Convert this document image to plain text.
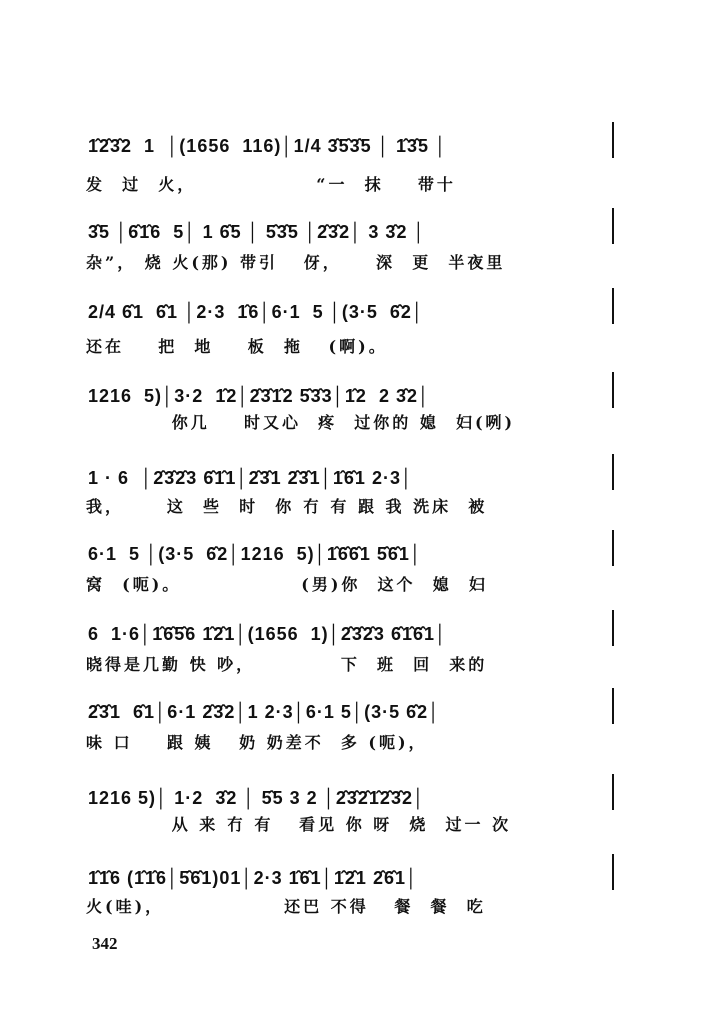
1̂2̂3̂2  1  │(1656  116)│1/4 3̂5̂3̂5 │ 1̂3̂5 │
发  过  火，              “一  抹    带十
3̂5 │6̂1̂6  5│ 1 6̂5 │ 5̂3̂5 │2̂3̂2│ 3 3̂2 │
杂”， 烧 火(那) 带引   伢，    深  更  半夜里
2/4 6̂1  6̂1 │2·3  1̂6│6·1  5 │(3·5  6̂2│
还在    把  地    板  拖   (啊)。
1216  5)│3·2  1̂2│2̂3̂1̂2 5̂3̂3│1̂2  2 3̂2│
你几    时又心  疼  过你的 媳  妇(咧)
1 · 6  │2̂3̂2̂3 6̂1̂1│2̂3̂1 2̂3̂1│1̂6̂1 2·3│
我，     这  些  时  你 冇 有 跟 我 洗床  被
6·1  5 │(3·5  6̂2│1216  5)│1̂6̂6̂1 5̂6̂1│
窝  (呃)。              (男)你  这个  媳  妇
6  1·6│1̂6̂5̂6 1̂2̂1│(1656  1)│2̂3̂2̂3 6̂1̂6̂1│
晓得是几勤 快 吵，          下  班  回  来的
2̂3̂1  6̂1│6·1 2̂3̂2│1 2·3│6·1 5│(3·5 6̂2│
味 口    跟 姨   奶 奶差不  多 (呃)，
1216 5)│ 1·2  3̂2 │ 5̂5 3 2 │2̂3̂2̂1̂2̂3̂2│
从 来 冇 有   看见 你 呀  烧  过一 次
1̂1̂6 (1̂1̂6│5̂6̂1)01│2·3 1̂6̂1│1̂2̂1 2̂6̂1│
火(哇)，              还巴 不得   餐  餐  吃
342
